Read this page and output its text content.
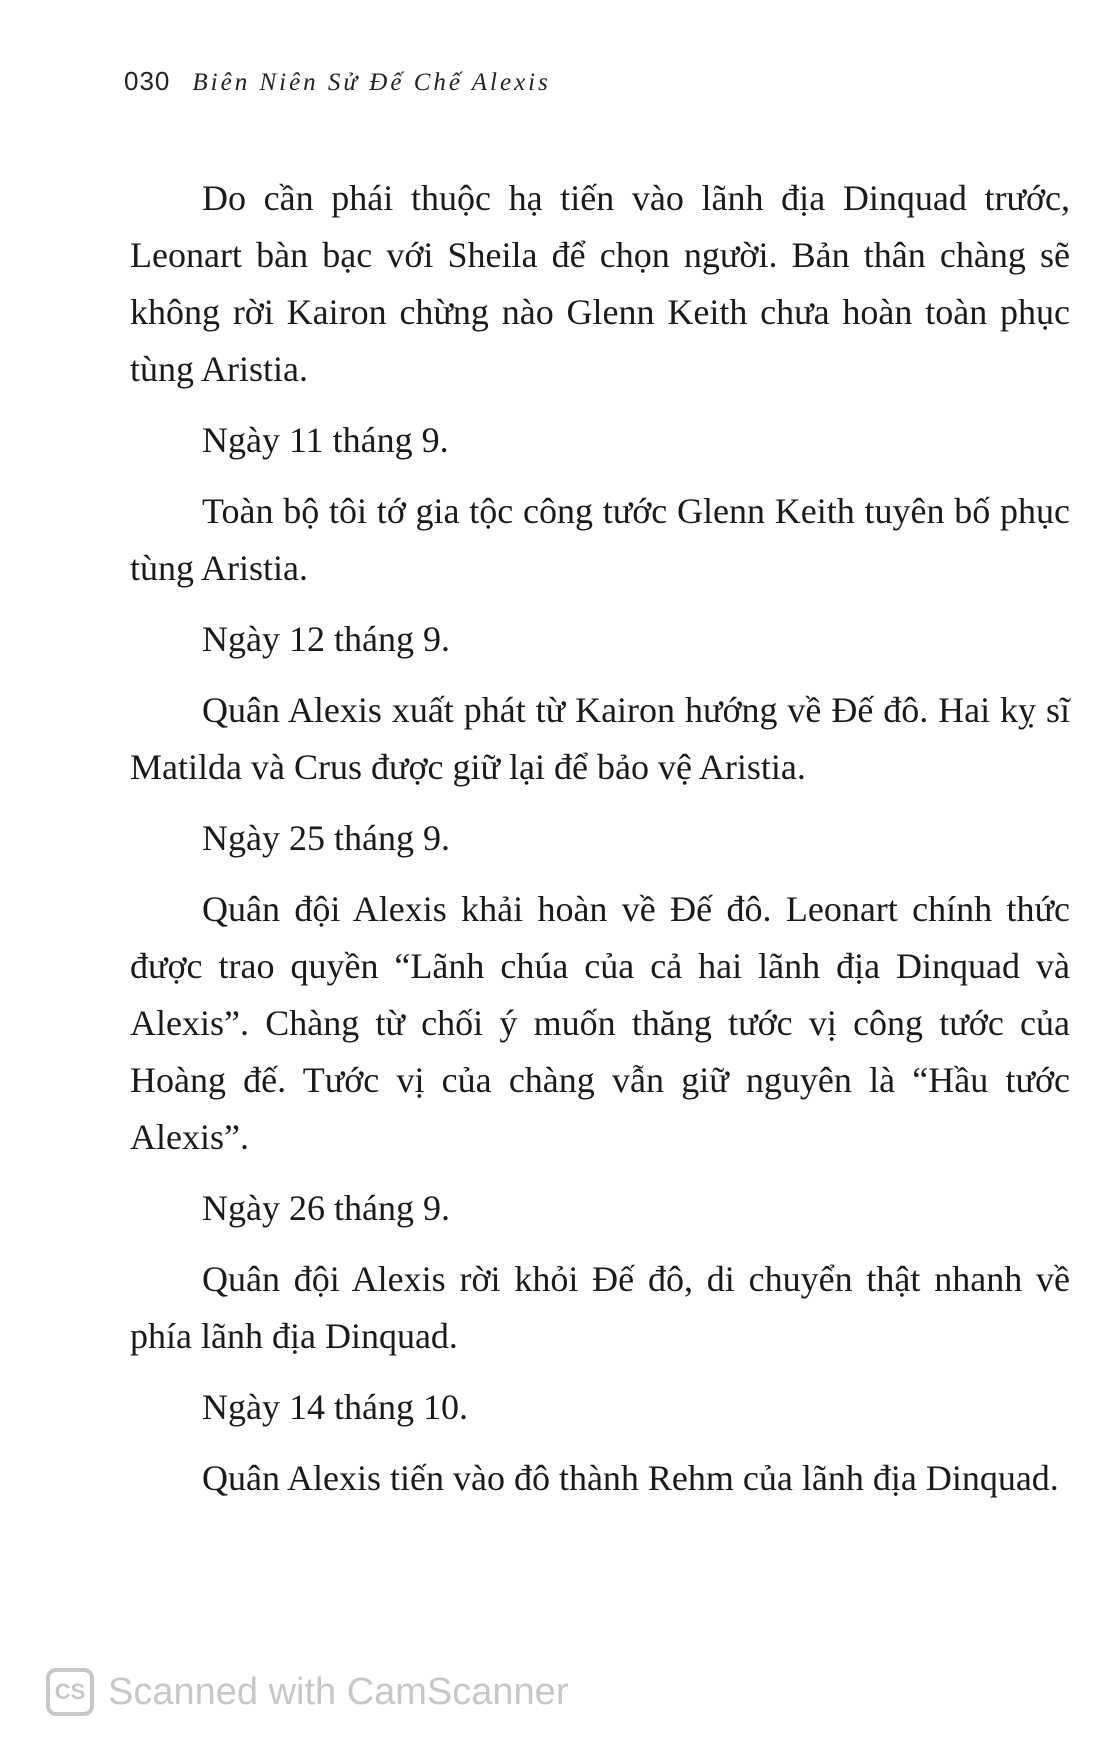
030 Biên Niên Sử Đế Chế Alexis

Do cần phái thuộc hạ tiến vào lãnh địa Dinquad trước, Leonart bàn bạc với Sheila để chọn người. Bản thân chàng sẽ không rời Kairon chừng nào Glenn Keith chưa hoàn toàn phục tùng Aristia.

Ngày 11 tháng 9.

Toàn bộ tôi tớ gia tộc công tước Glenn Keith tuyên bố phục tùng Aristia.

Ngày 12 tháng 9.

Quân Alexis xuất phát từ Kairon hướng về Đế đô. Hai kỵ sĩ Matilda và Crus được giữ lại để bảo vệ Aristia.

Ngày 25 tháng 9.

Quân đội Alexis khải hoàn về Đế đô. Leonart chính thức được trao quyền “Lãnh chúa của cả hai lãnh địa Dinquad và Alexis”. Chàng từ chối ý muốn thăng tước vị công tước của Hoàng đế. Tước vị của chàng vẫn giữ nguyên là “Hầu tước Alexis”.

Ngày 26 tháng 9.

Quân đội Alexis rời khỏi Đế đô, di chuyển thật nhanh về phía lãnh địa Dinquad.

Ngày 14 tháng 10.

Quân Alexis tiến vào đô thành Rehm của lãnh địa Dinquad.

CS Scanned with CamScanner
